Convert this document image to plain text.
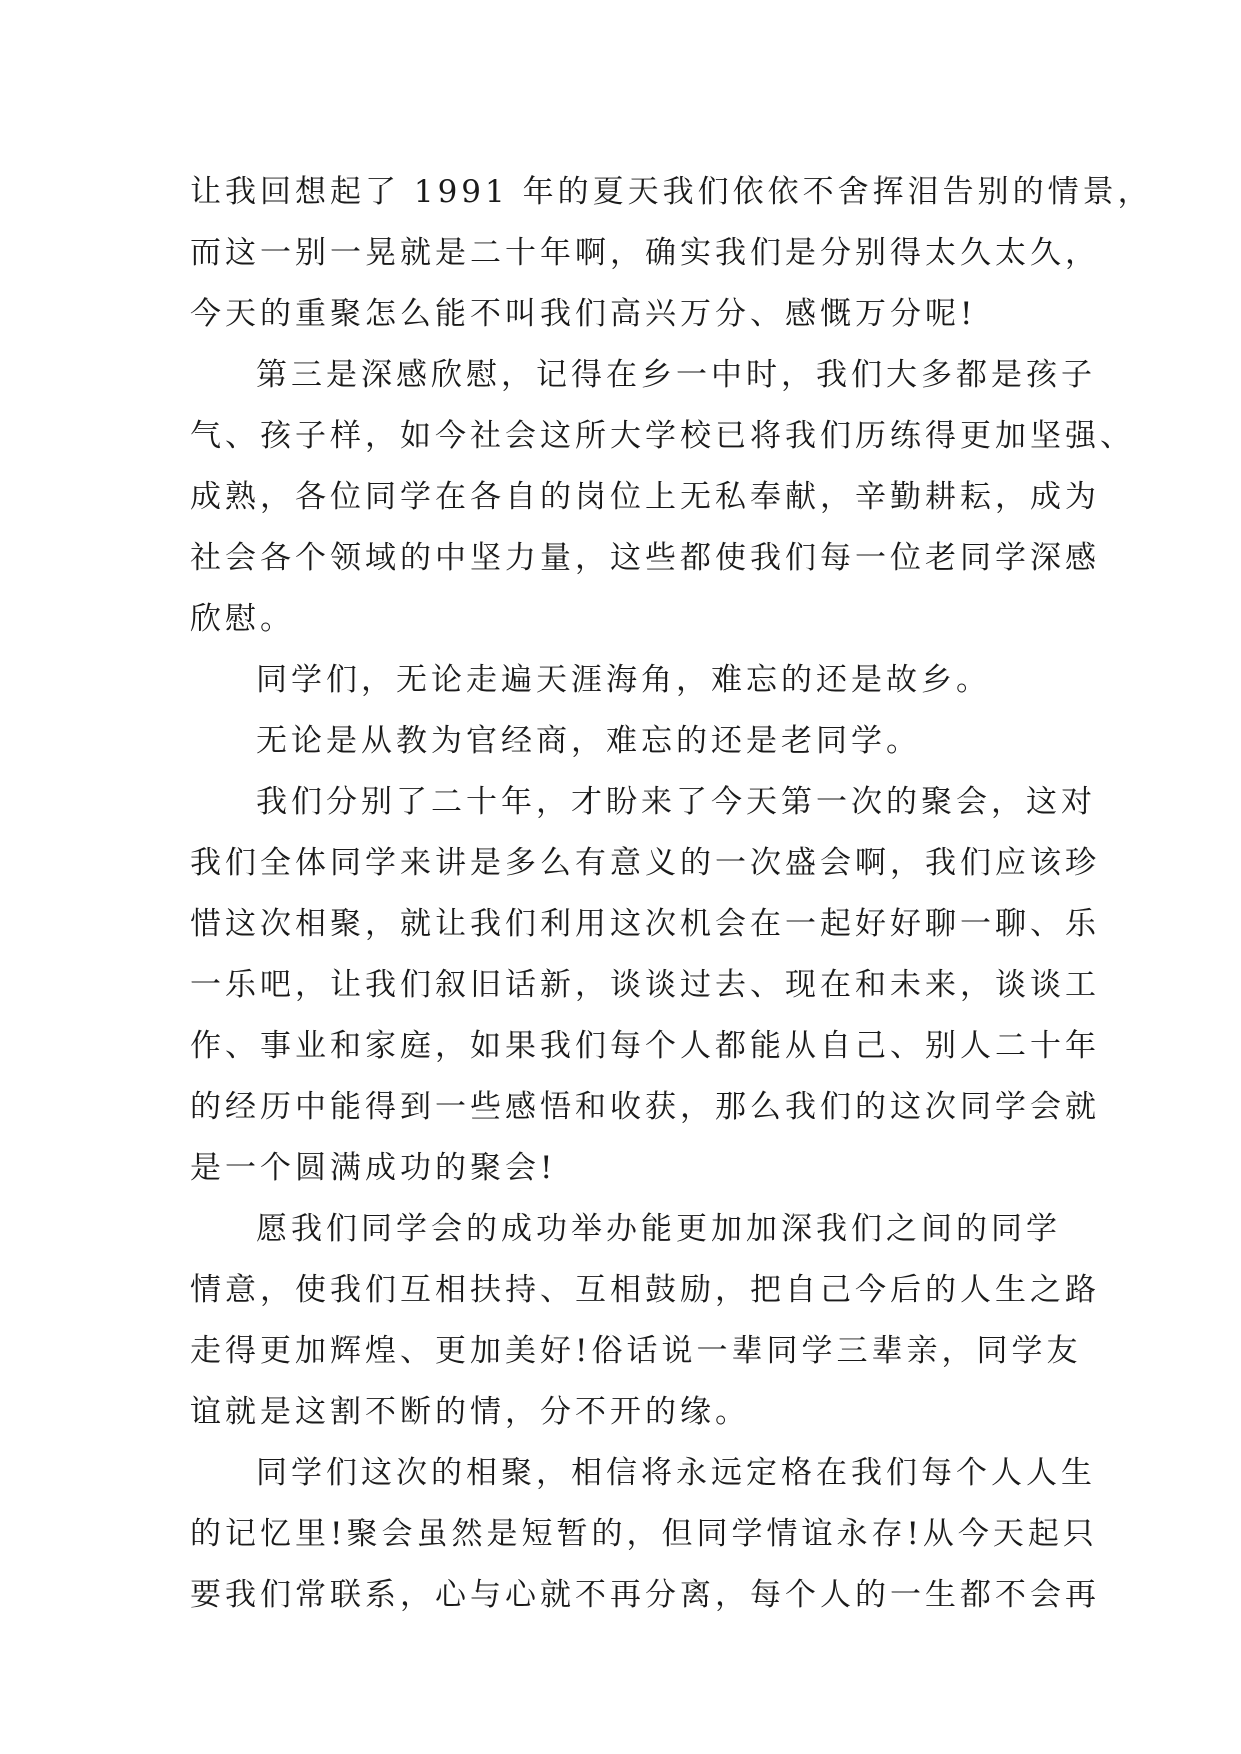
让我回想起了 1991 年的夏天我们依依不舍挥泪告别的情景，
而这一别一晃就是二十年啊，确实我们是分别得太久太久，
今天的重聚怎么能不叫我们高兴万分、感慨万分呢!
第三是深感欣慰，记得在乡一中时，我们大多都是孩子
气、孩子样，如今社会这所大学校已将我们历练得更加坚强、
成熟，各位同学在各自的岗位上无私奉献，辛勤耕耘，成为
社会各个领域的中坚力量，这些都使我们每一位老同学深感
欣慰。
同学们，无论走遍天涯海角，难忘的还是故乡。
无论是从教为官经商，难忘的还是老同学。
我们分别了二十年，才盼来了今天第一次的聚会，这对
我们全体同学来讲是多么有意义的一次盛会啊，我们应该珍
惜这次相聚，就让我们利用这次机会在一起好好聊一聊、乐
一乐吧，让我们叙旧话新，谈谈过去、现在和未来，谈谈工
作、事业和家庭，如果我们每个人都能从自己、别人二十年
的经历中能得到一些感悟和收获，那么我们的这次同学会就
是一个圆满成功的聚会!
愿我们同学会的成功举办能更加加深我们之间的同学
情意，使我们互相扶持、互相鼓励，把自己今后的人生之路
走得更加辉煌、更加美好!俗话说一辈同学三辈亲，同学友
谊就是这割不断的情，分不开的缘。
同学们这次的相聚，相信将永远定格在我们每个人人生
的记忆里!聚会虽然是短暂的，但同学情谊永存!从今天起只
要我们常联系，心与心就不再分离，每个人的一生都不会再
